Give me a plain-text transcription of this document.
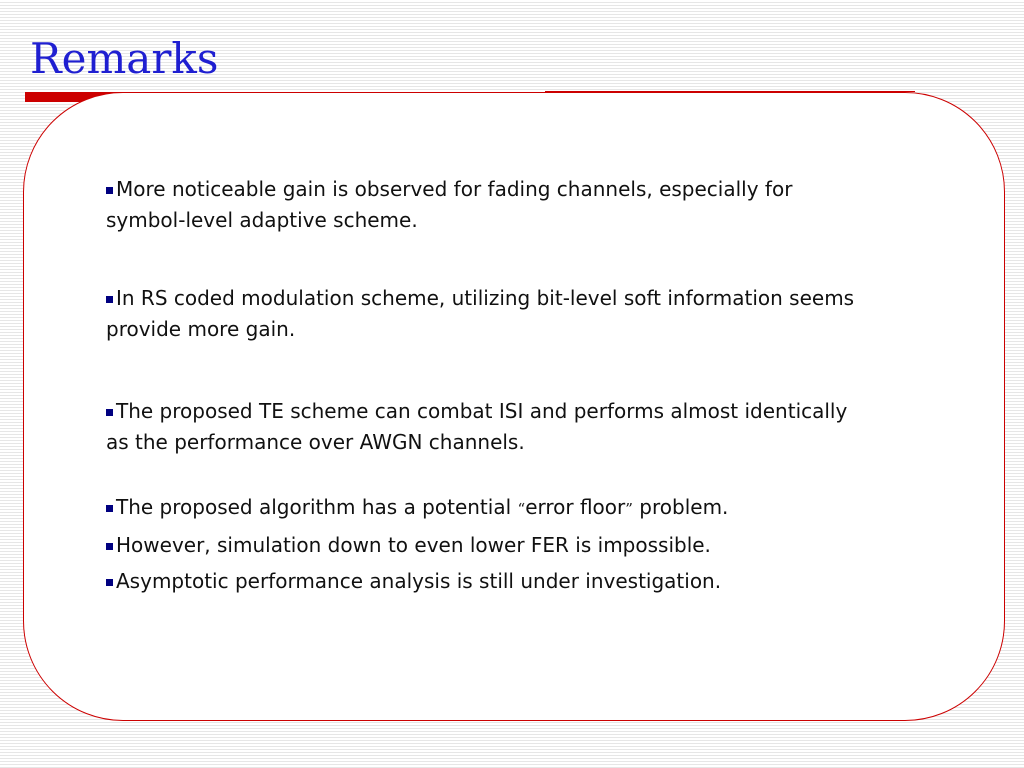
Remarks

More noticeable gain is observed for fading channels, especially for
symbol-level adaptive scheme.

In RS coded modulation scheme, utilizing bit-level soft information seems
provide more gain.

The proposed TE scheme can combat ISI and performs almost identically
as the performance over AWGN channels.

The proposed algorithm has a potential “error floor” problem.

However, simulation down to even lower FER is impossible.

Asymptotic performance analysis is still under investigation.
